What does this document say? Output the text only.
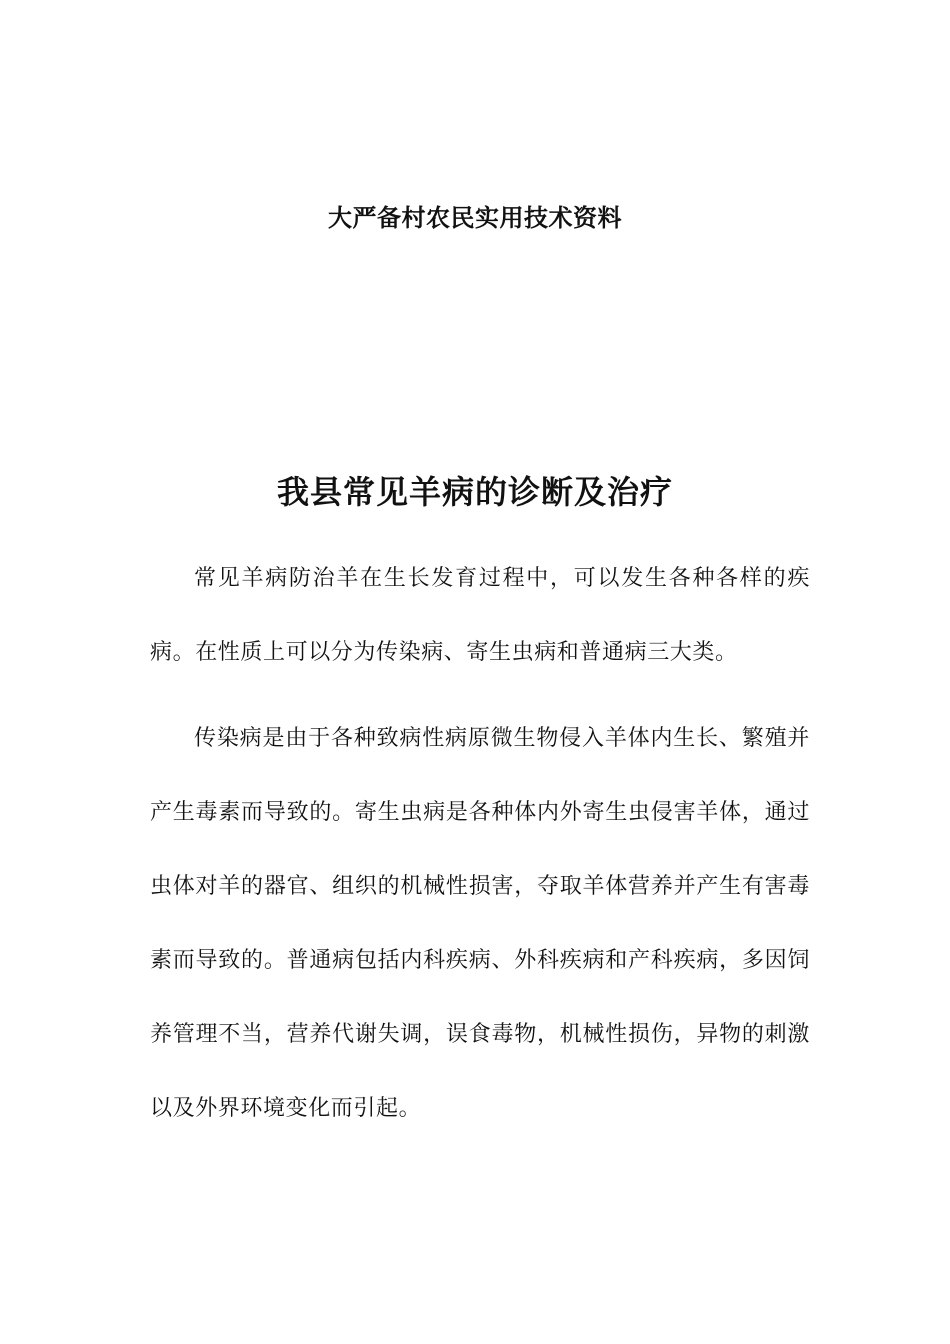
大严备村农民实用技术资料
我县常见羊病的诊断及治疗

常见羊病防治羊在生长发育过程中，可以发生各种各样的疾病。在性质上可以分为传染病、寄生虫病和普通病三大类。

传染病是由于各种致病性病原微生物侵入羊体内生长、繁殖并产生毒素而导致的。寄生虫病是各种体内外寄生虫侵害羊体，通过虫体对羊的器官、组织的机械性损害，夺取羊体营养并产生有害毒素而导致的。普通病包括内科疾病、外科疾病和产科疾病，多因饲养管理不当，营养代谢失调，误食毒物，机械性损伤，异物的刺激以及外界环境变化而引起。
